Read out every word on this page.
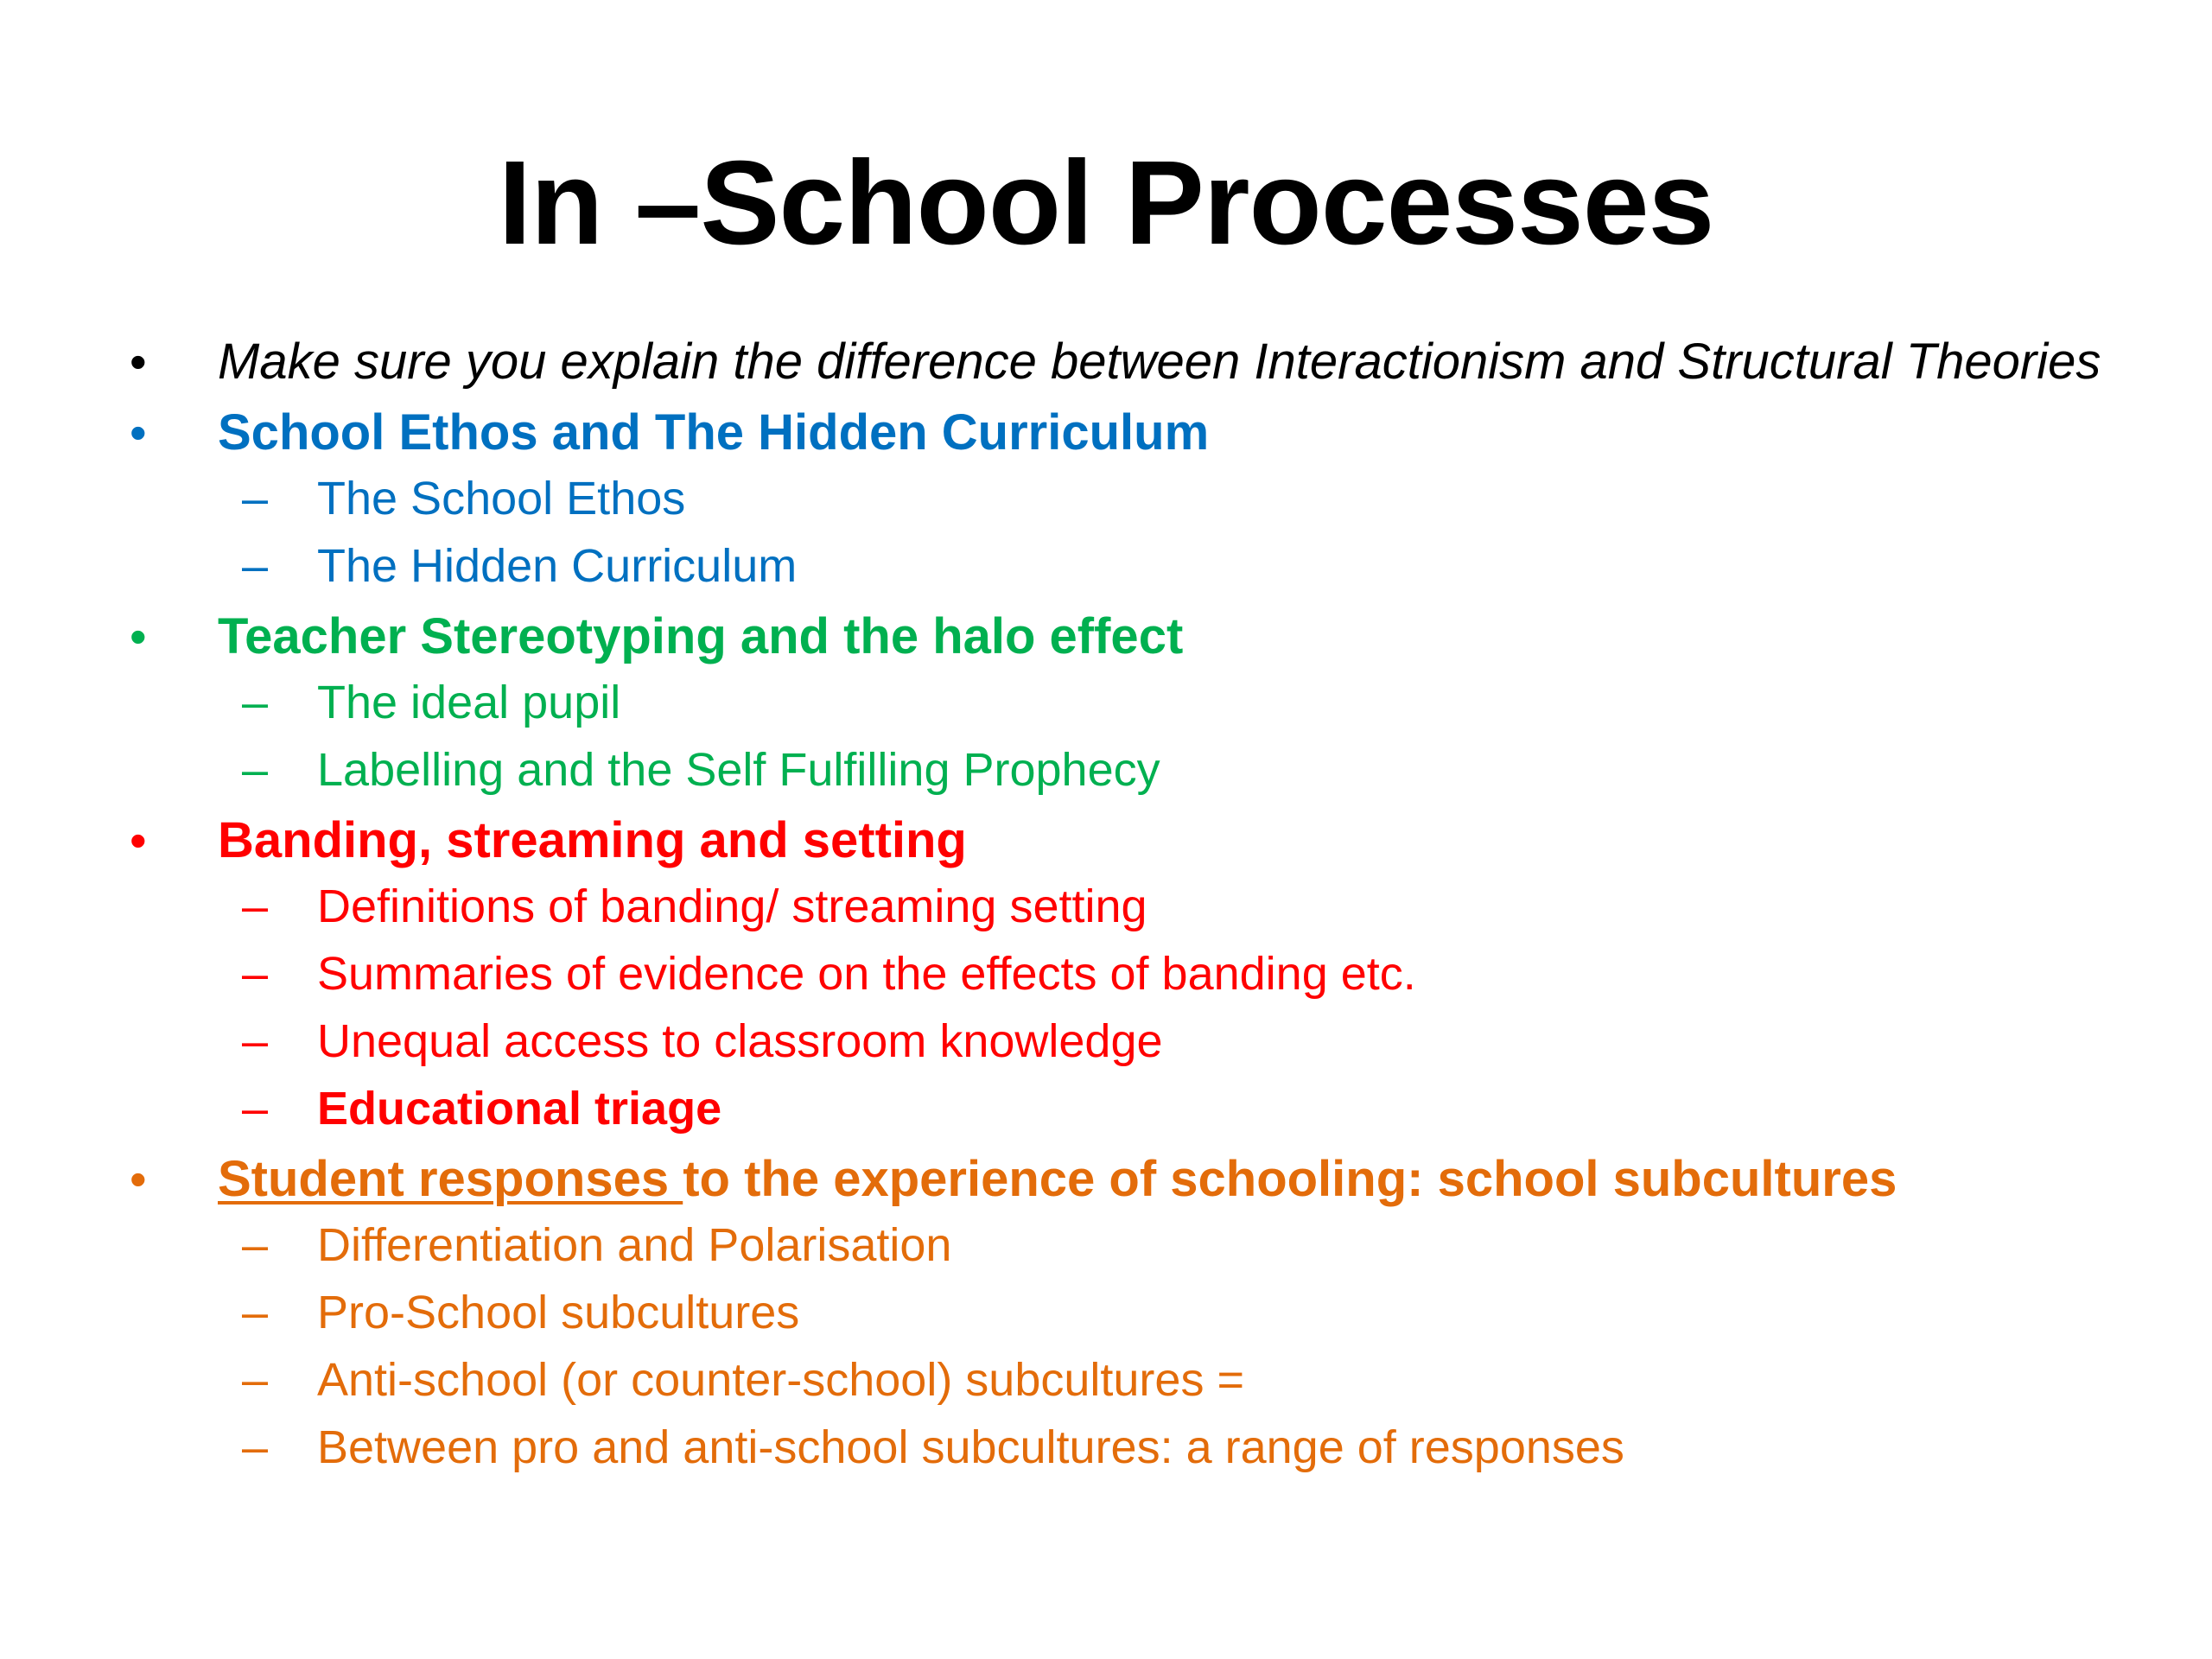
In –School Processes
• Make sure you explain the difference between Interactionism and Structural Theories
• School Ethos and The Hidden Curriculum
– The School Ethos
– The Hidden Curriculum
• Teacher Stereotyping and the halo effect
– The ideal pupil
– Labelling and the Self Fulfilling Prophecy
• Banding, streaming and setting
– Definitions of banding/ streaming setting
– Summaries of evidence on the effects of banding etc.
– Unequal access to classroom knowledge
– Educational triage
• Student responses to the experience of schooling: school subcultures
– Differentiation and Polarisation
– Pro-School subcultures
– Anti-school (or counter-school) subcultures =
– Between pro and anti-school subcultures: a range of responses
